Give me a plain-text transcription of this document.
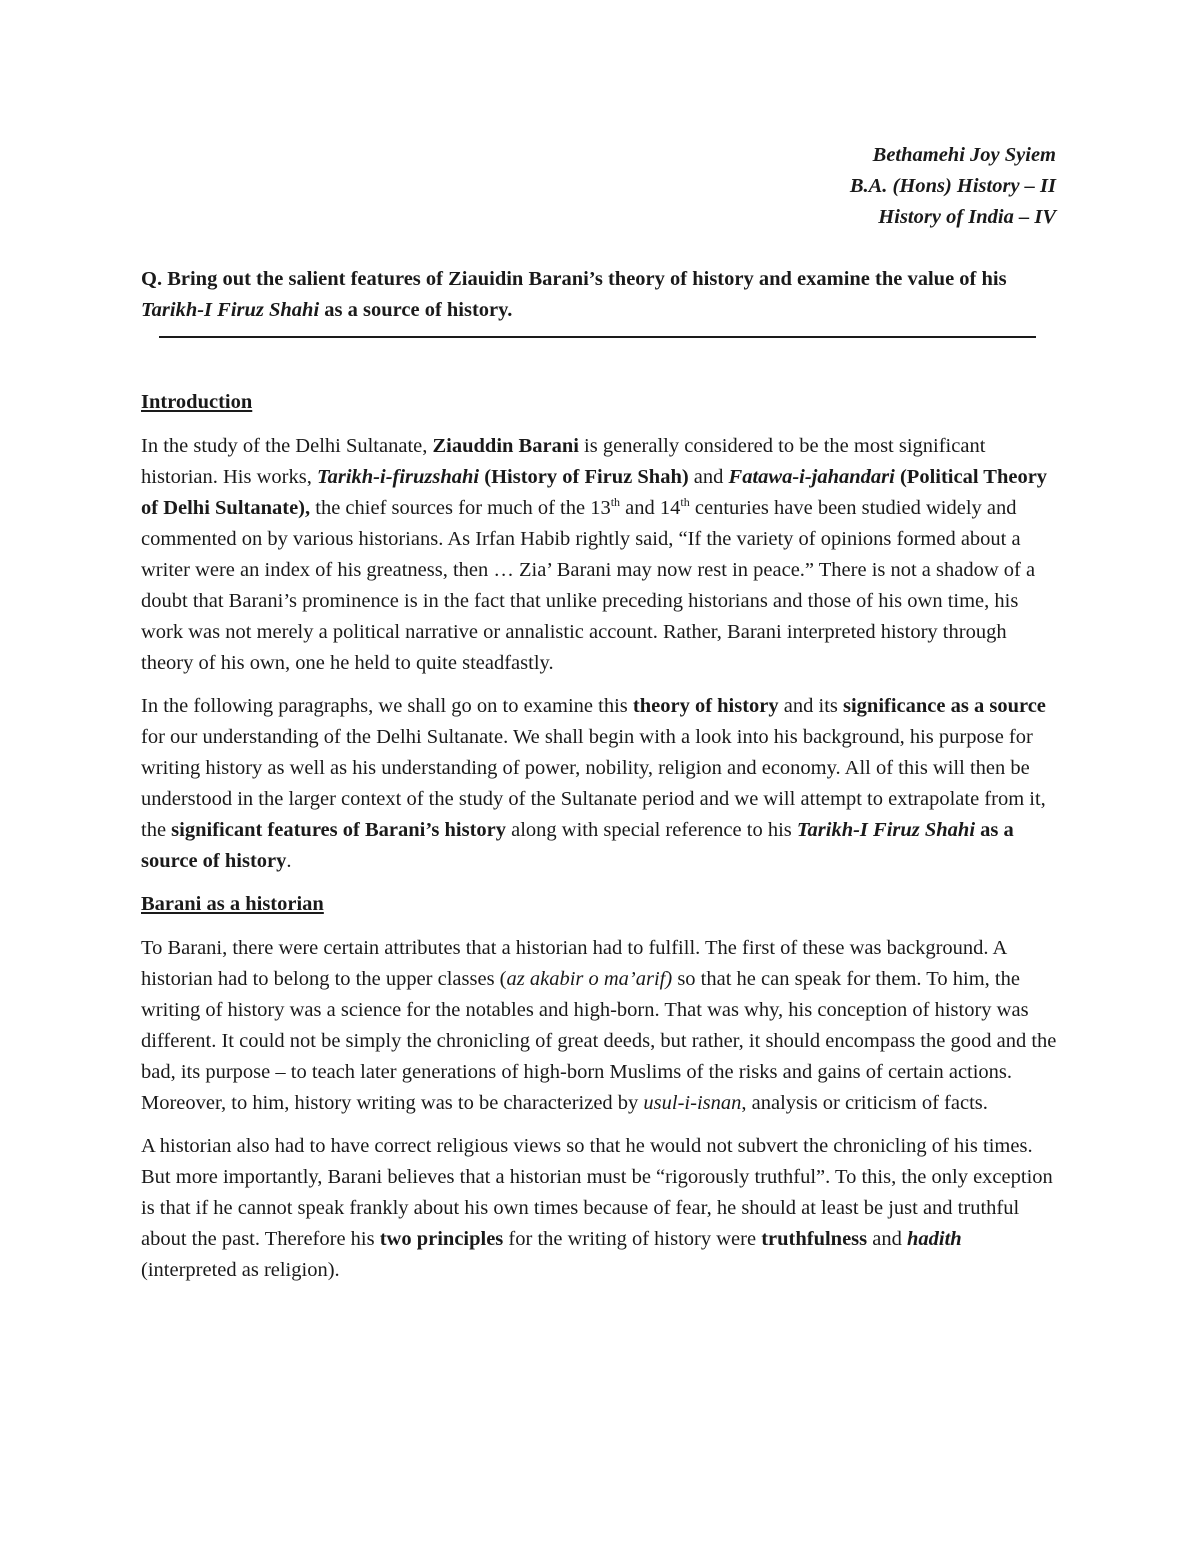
Bethamehi Joy Syiem
B.A. (Hons) History – II
History of India – IV
Q. Bring out the salient features of Ziauidin Barani’s theory of history and examine the value of his Tarikh-I Firuz Shahi as a source of history.
Introduction

In the study of the Delhi Sultanate, Ziauddin Barani is generally considered to be the most significant historian. His works, Tarikh-i-firuzshahi (History of Firuz Shah) and Fatawa-i-jahandari (Political Theory of Delhi Sultanate), the chief sources for much of the 13th and 14th centuries have been studied widely and commented on by various historians. As Irfan Habib rightly said, “If the variety of opinions formed about a writer were an index of his greatness, then … Zia’ Barani may now rest in peace.” There is not a shadow of a doubt that Barani’s prominence is in the fact that unlike preceding historians and those of his own time, his work was not merely a political narrative or annalistic account. Rather, Barani interpreted history through theory of his own, one he held to quite steadfastly.

In the following paragraphs, we shall go on to examine this theory of history and its significance as a source for our understanding of the Delhi Sultanate. We shall begin with a look into his background, his purpose for writing history as well as his understanding of power, nobility, religion and economy. All of this will then be understood in the larger context of the study of the Sultanate period and we will attempt to extrapolate from it, the significant features of Barani’s history along with special reference to his Tarikh-I Firuz Shahi as a source of history.

Barani as a historian

To Barani, there were certain attributes that a historian had to fulfill. The first of these was background. A historian had to belong to the upper classes (az akabir o ma’arif) so that he can speak for them. To him, the writing of history was a science for the notables and high-born. That was why, his conception of history was different. It could not be simply the chronicling of great deeds, but rather, it should encompass the good and the bad, its purpose – to teach later generations of high-born Muslims of the risks and gains of certain actions. Moreover, to him, history writing was to be characterized by usul-i-isnan, analysis or criticism of facts.

A historian also had to have correct religious views so that he would not subvert the chronicling of his times. But more importantly, Barani believes that a historian must be “rigorously truthful”. To this, the only exception is that if he cannot speak frankly about his own times because of fear, he should at least be just and truthful about the past. Therefore his two principles for the writing of history were truthfulness and hadith (interpreted as religion).
